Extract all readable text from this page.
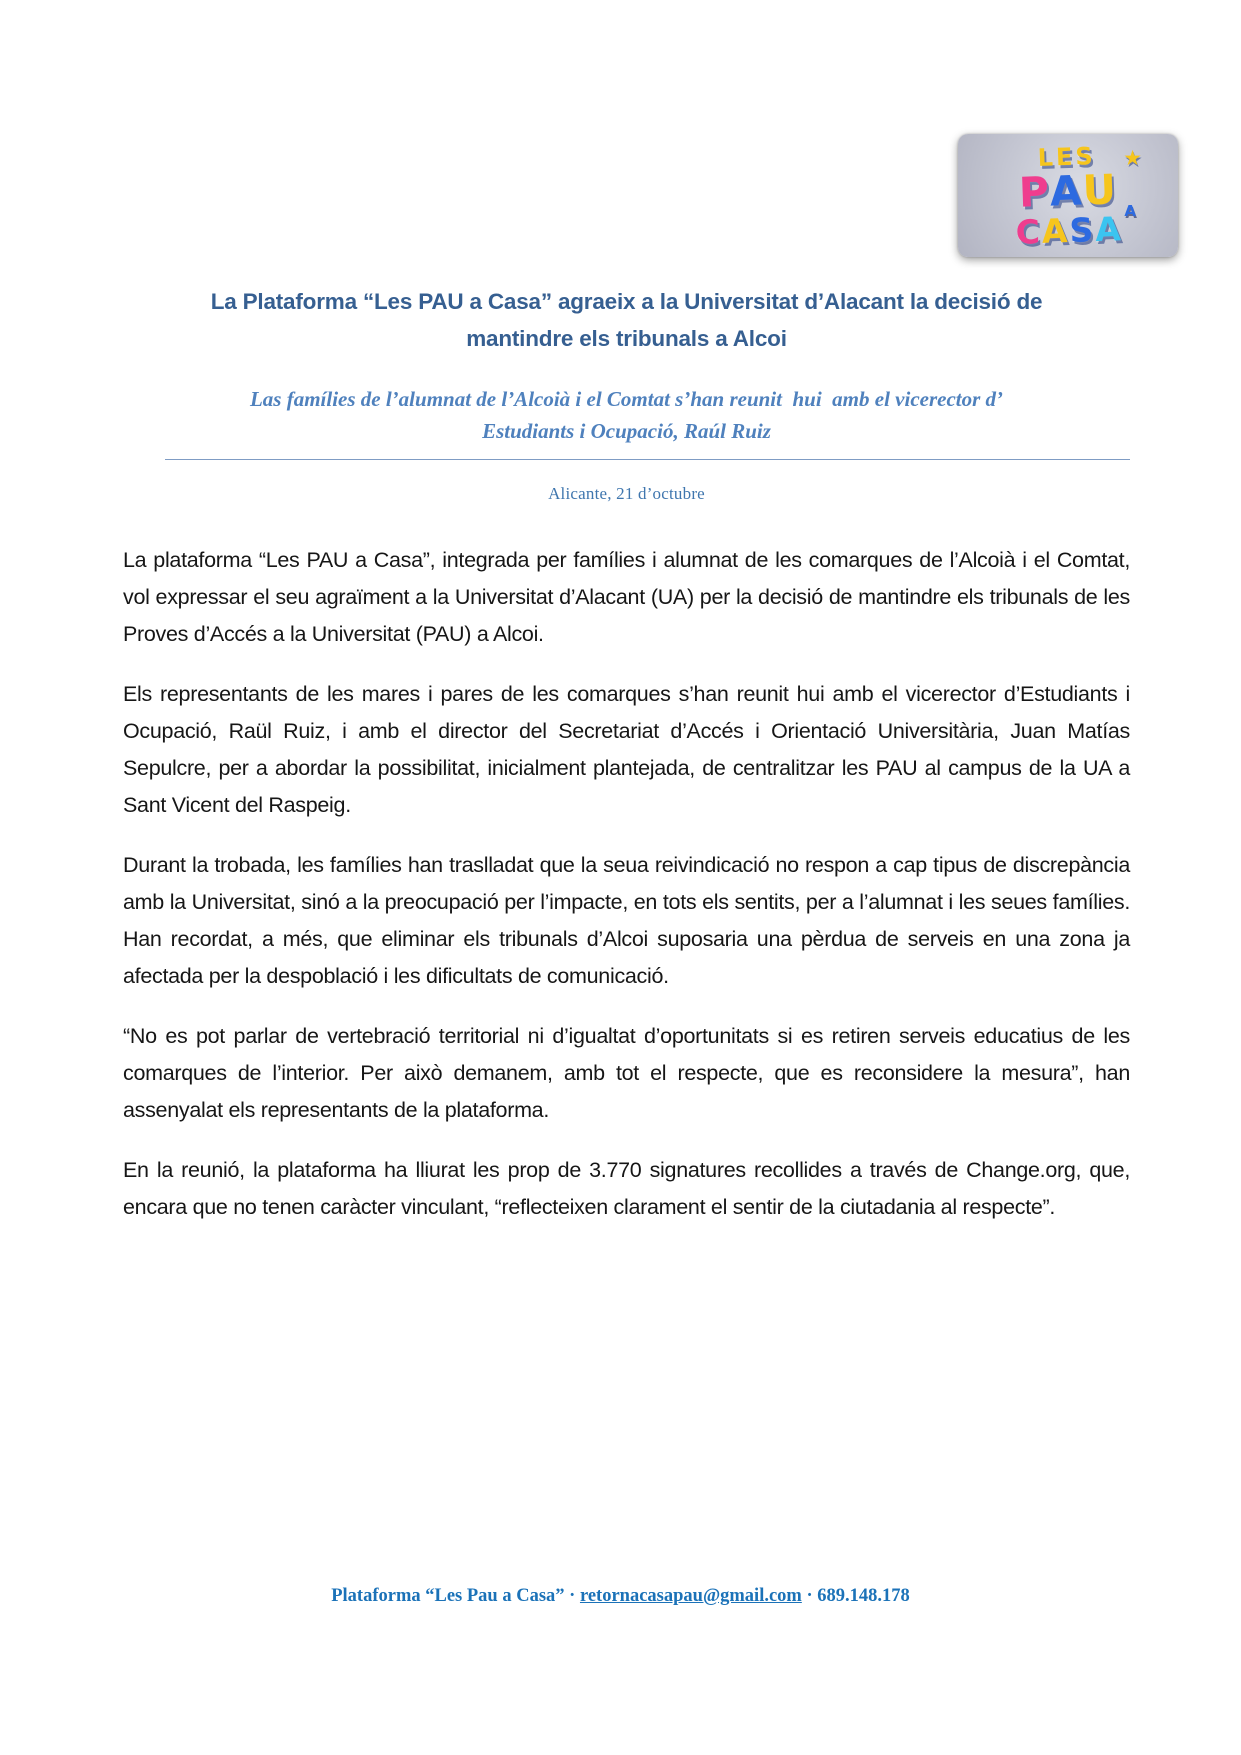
LES
PAU
CASA
★
A
La Plataforma “Les PAU a Casa” agraeix a la Universitat d’Alacant la decisió de
mantindre els tribunals a Alcoi
Las famílies de l’alumnat de l’Alcoià i el Comtat s’han reunit  hui  amb el vicerector d’
Estudiants i Ocupació, Raúl Ruiz
Alicante, 21 d’octubre

La plataforma “Les PAU a Casa”, integrada per famílies i alumnat de les comarques de l’Alcoià i el Comtat, vol expressar el seu agraïment a la Universitat d’Alacant (UA) per la decisió de mantindre els tribunals de les Proves d’Accés a la Universitat (PAU) a Alcoi.

Els representants de les mares i pares de les comarques s’han reunit hui amb el vicerector d’Estudiants i Ocupació, Raül Ruiz, i amb el director del Secretariat d’Accés i Orientació Universitària, Juan Matías Sepulcre, per a abordar la possibilitat, inicialment plantejada, de centralitzar les PAU al campus de la UA a Sant Vicent del Raspeig.

Durant la trobada, les famílies han traslladat que la seua reivindicació no respon a cap tipus de discrepància amb la Universitat, sinó a la preocupació per l’impacte, en tots els sentits, per a l’alumnat i les seues famílies. Han recordat, a més, que eliminar els tribunals d’Alcoi suposaria una pèrdua de serveis en una zona ja afectada per la despoblació i les dificultats de comunicació.

“No es pot parlar de vertebració territorial ni d’igualtat d’oportunitats si es retiren serveis educatius de les comarques de l’interior. Per això demanem, amb tot el respecte, que es reconsidere la mesura”, han assenyalat els representants de la plataforma.

En la reunió, la plataforma ha lliurat les prop de 3.770 signatures recollides a través de Change.org, que, encara que no tenen caràcter vinculant, “reflecteixen clarament el sentir de la ciutadania al respecte”.

Plataforma “Les Pau a Casa” · retornacasapau@gmail.com · 689.148.178
